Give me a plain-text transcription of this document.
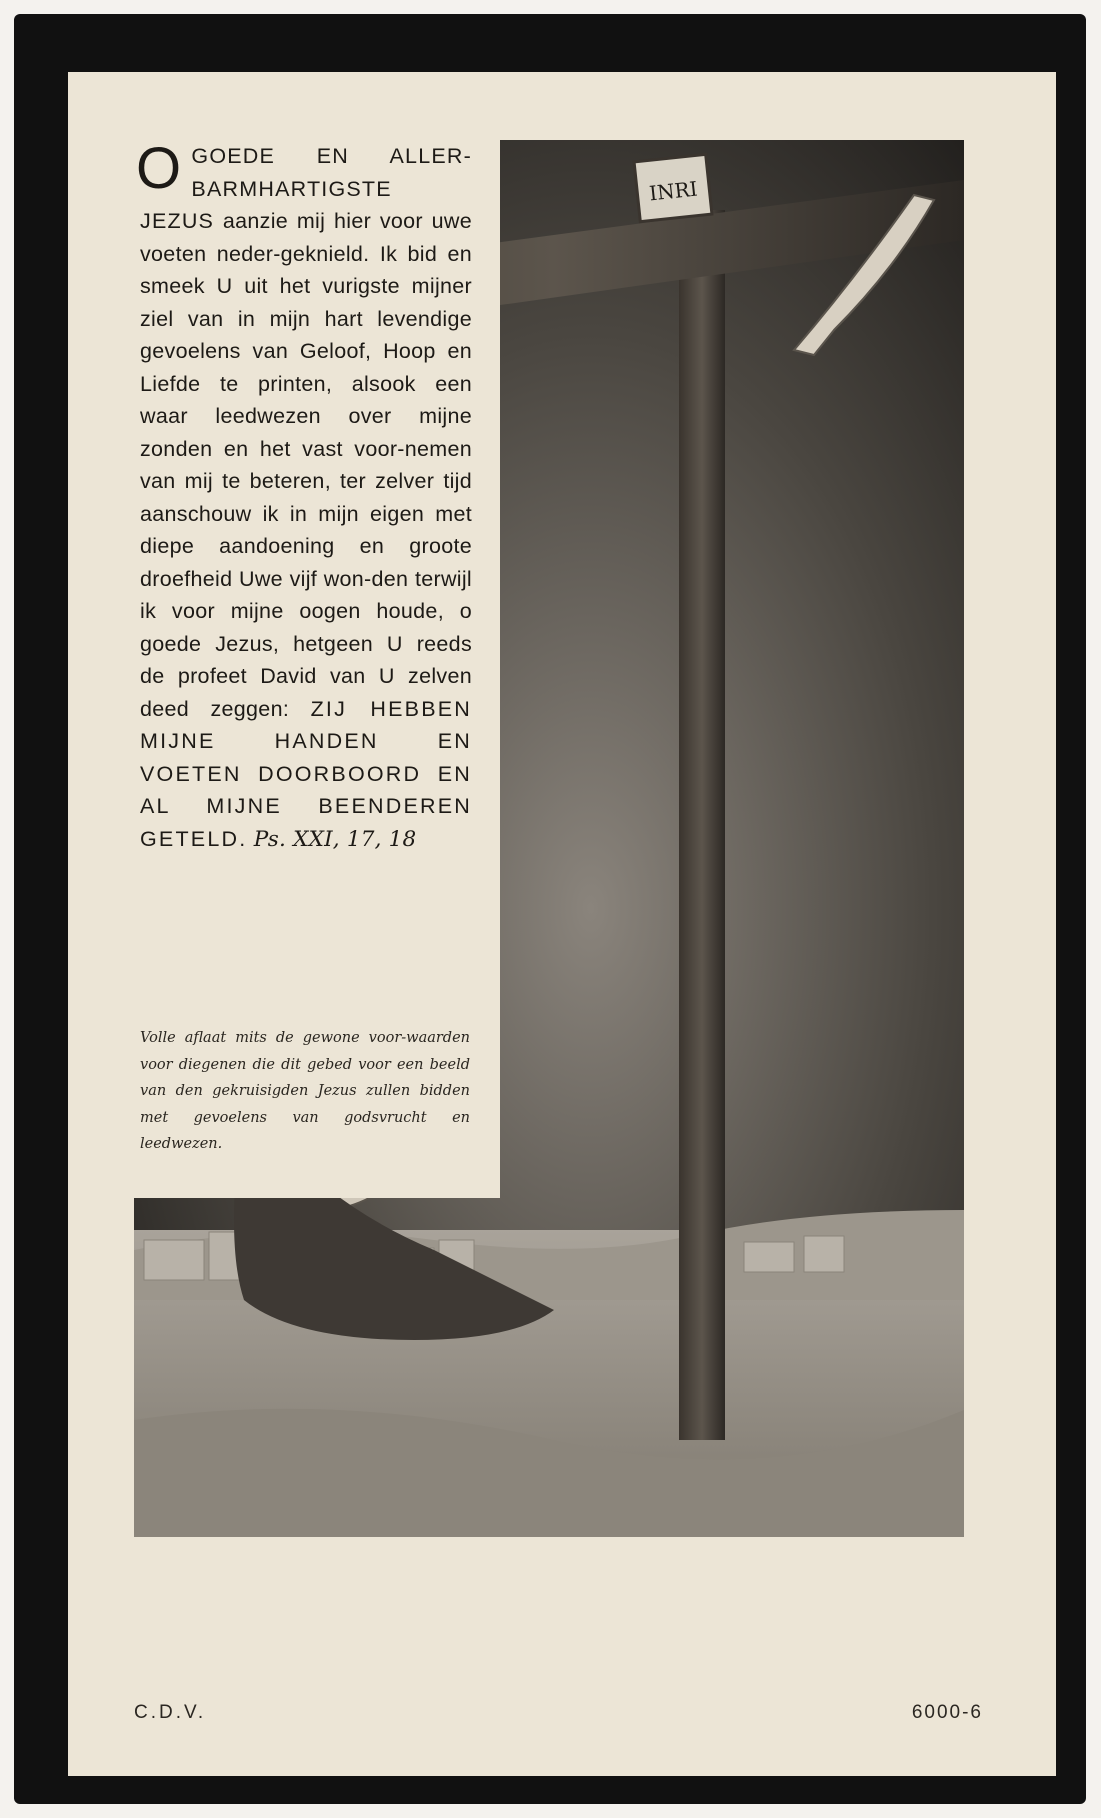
INRI

OGOEDE EN ALLER-BARMHARTIGSTE JEZUS aanzie mij hier voor uwe voeten neder-geknield. Ik bid en smeek U uit het vurigste mijner ziel van in mijn hart levendige gevoelens van Geloof, Hoop en Liefde te printen, alsook een waar leedwezen over mijne zonden en het vast voor-nemen van mij te beteren, ter zelver tijd aanschouw ik in mijn eigen met diepe aandoening en groote droefheid Uwe vijf won-den terwijl ik voor mijne oogen houde, o goede Jezus, hetgeen U reeds de profeet David van U zelven deed zeggen: ZIJ HEBBEN MIJNE HANDEN EN VOETEN DOORBOORD EN AL MIJNE BEENDEREN GETELD. Ps. XXI, 17, 18

Volle aflaat mits de gewone voor-waarden voor diegenen die dit gebed voor een beeld van den gekruisigden Jezus zullen bidden met gevoelens van godsvrucht en leedwezen.

C.D.V.	6000-6
